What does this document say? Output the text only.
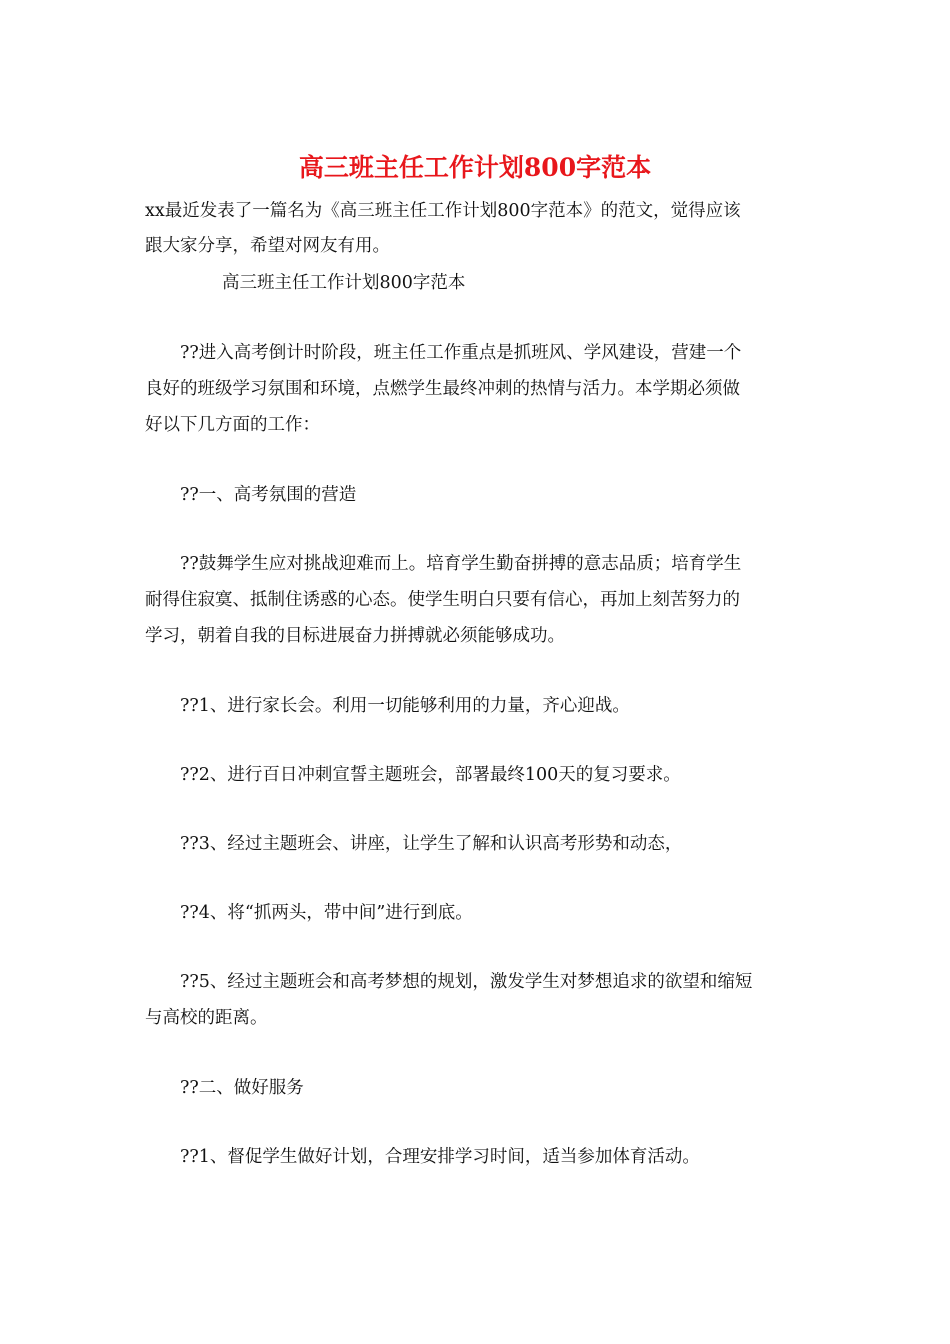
高三班主任工作计划800字范本
xx最近发表了一篇名为《高三班主任工作计划800字范本》的范文，觉得应该
跟大家分享，希望对网友有用。
高三班主任工作计划800字范本
??进入高考倒计时阶段，班主任工作重点是抓班风、学风建设，营建一个
良好的班级学习氛围和环境，点燃学生最终冲刺的热情与活力。本学期必须做
好以下几方面的工作：
??一、高考氛围的营造
??鼓舞学生应对挑战迎难而上。培育学生勤奋拼搏的意志品质；培育学生
耐得住寂寞、抵制住诱惑的心态。使学生明白只要有信心，再加上刻苦努力的
学习，朝着自我的目标进展奋力拼搏就必须能够成功。
??1、进行家长会。利用一切能够利用的力量，齐心迎战。
??2、进行百日冲刺宣誓主题班会，部署最终100天的复习要求。
??3、经过主题班会、讲座，让学生了解和认识高考形势和动态，
??4、将“抓两头，带中间”进行到底。
??5、经过主题班会和高考梦想的规划，激发学生对梦想追求的欲望和缩短
与高校的距离。
??二、做好服务
??1、督促学生做好计划，合理安排学习时间，适当参加体育活动。
